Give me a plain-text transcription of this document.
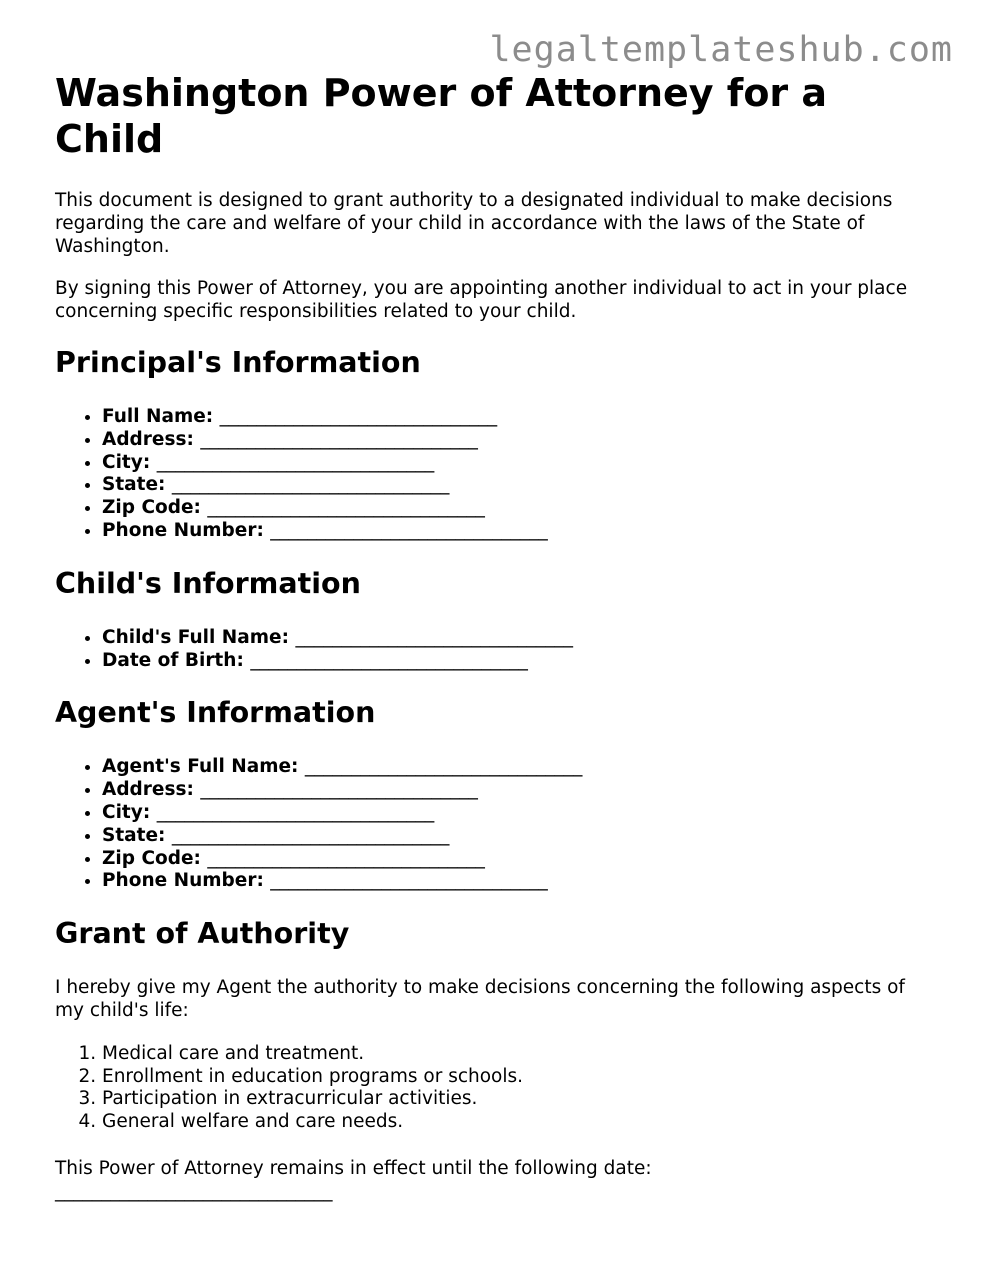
legaltemplateshub.com
Washington Power of Attorney for a Child

This document is designed to grant authority to a designated individual to make decisions regarding the care and welfare of your child in accordance with the laws of the State of Washington.

By signing this Power of Attorney, you are appointing another individual to act in your place concerning specific responsibilities related to your child.

Principal's Information
• Full Name: ______________________________
• Address: ______________________________
• City: ______________________________
• State: ______________________________
• Zip Code: ______________________________
• Phone Number: ______________________________
Child's Information
• Child's Full Name: ______________________________
• Date of Birth: ______________________________
Agent's Information
• Agent's Full Name: ______________________________
• Address: ______________________________
• City: ______________________________
• State: ______________________________
• Zip Code: ______________________________
• Phone Number: ______________________________
Grant of Authority

I hereby give my Agent the authority to make decisions concerning the following aspects of my child's life:

1. Medical care and treatment.
2. Enrollment in education programs or schools.
3. Participation in extracurricular activities.
4. General welfare and care needs.

This Power of Attorney remains in effect until the following date:

______________________________
